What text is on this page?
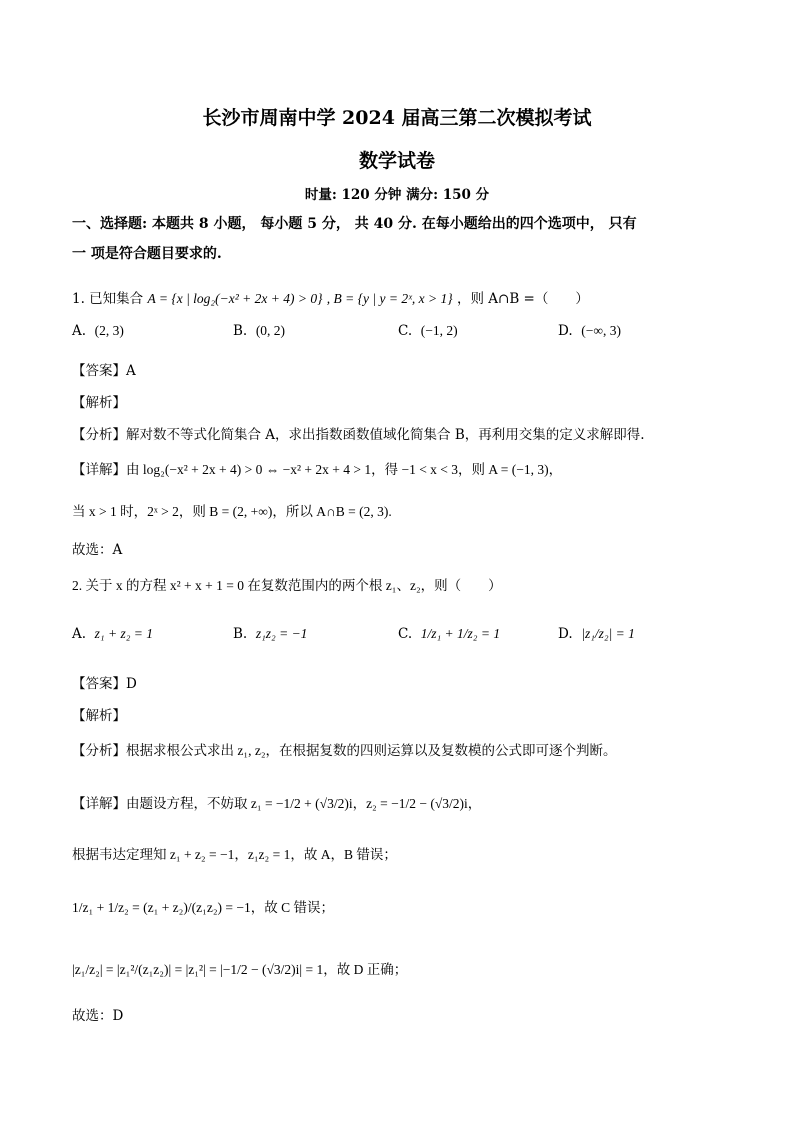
长沙市周南中学 2024 届高三第二次模拟考试
数学试卷
时量: 120 分钟 满分: 150 分
一、选择题: 本题共 8 小题， 每小题 5 分， 共 40 分. 在每小题给出的四个选项中， 只有
一 项是符合题目要求的.
1. 已知集合 A = {x | log₂(−x² + 2x + 4) > 0} , B = {y | y = 2ˣ, x > 1} ，则 A∩B =（　　）
A. (2, 3)	B. (0, 2)	C. (−1, 2)	D. (−∞, 3)
【答案】A
【解析】
【分析】解对数不等式化简集合 A，求出指数函数值域化简集合 B，再利用交集的定义求解即得.
【详解】由 log₂(−x² + 2x + 4) > 0 ⇔ −x² + 2x + 4 > 1，得 −1 < x < 3，则 A = (−1, 3)，
当 x > 1 时，2ˣ > 2，则 B = (2, +∞)，所以 A∩B = (2, 3).
故选：A
2. 关于 x 的方程 x² + x + 1 = 0 在复数范围内的两个根 z₁、z₂，则（　　）
A. z₁ + z₂ = 1	B. z₁z₂ = −1	C. 1/z₁ + 1/z₂ = 1	D. |z₁/z₂| = 1
【答案】D
【解析】
【分析】根据求根公式求出 z₁, z₂，在根据复数的四则运算以及复数模的公式即可逐个判断。
【详解】由题设方程，不妨取 z₁ = −1/2 + (√3/2)i，z₂ = −1/2 − (√3/2)i，
根据韦达定理知 z₁ + z₂ = −1，z₁z₂ = 1，故 A，B 错误；
1/z₁ + 1/z₂ = (z₁ + z₂)/(z₁z₂) = −1，故 C 错误；
|z₁/z₂| = |z₁²/(z₁z₂)| = |z₁²| = |−1/2 − (√3/2)i| = 1，故 D 正确；
故选：D
